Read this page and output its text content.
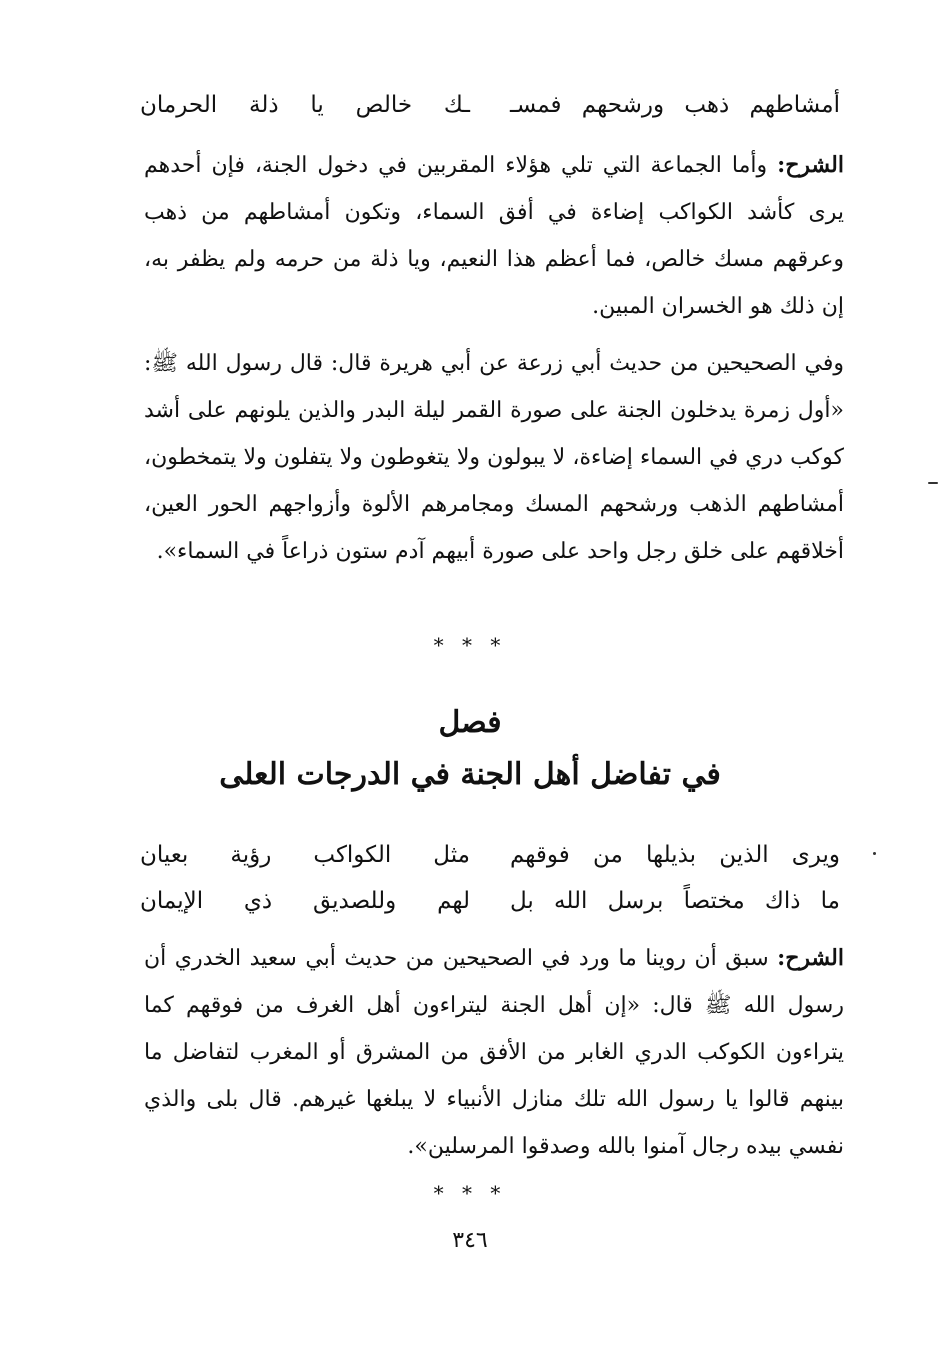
أمشاطهم ذهب ورشحهم فمسـ
ـك خالص يا ذلة الحرمان

الشرح: وأما الجماعة التي تلي هؤلاء المقربين في دخول الجنة، فإن أحدهم يرى كأشد الكواكب إضاءة في أفق السماء، وتكون أمشاطهم من ذهب وعرقهم مسك خالص، فما أعظم هذا النعيم، ويا ذلة من حرمه ولم يظفر به، إن ذلك هو الخسران المبين.

وفي الصحيحين من حديث أبي زرعة عن أبي هريرة قال: قال رسول الله ﷺ: «أول زمرة يدخلون الجنة على صورة القمر ليلة البدر والذين يلونهم على أشد كوكب دري في السماء إضاءة، لا يبولون ولا يتغوطون ولا يتفلون ولا يتمخطون، أمشاطهم الذهب ورشحهم المسك ومجامرهم الألوة وأزواجهم الحور العين، أخلاقهم على خلق رجل واحد على صورة أبيهم آدم ستون ذراعاً في السماء».

* * *
فصل
في تفاضل أهل الجنة في الدرجات العلى
ويرى الذين بذيلها من فوقهم
مثل الكواكب رؤية بعيان
ما ذاك مختصاً برسل الله بل
لهم وللصديق ذي الإيمان

الشرح: سبق أن روينا ما ورد في الصحيحين من حديث أبي سعيد الخدري أن رسول الله ﷺ قال: «إن أهل الجنة ليتراءون أهل الغرف من فوقهم كما يتراءون الكوكب الدري الغابر من الأفق من المشرق أو المغرب لتفاضل ما بينهم قالوا يا رسول الله تلك منازل الأنبياء لا يبلغها غيرهم. قال بلى والذي نفسي بيده رجال آمنوا بالله وصدقوا المرسلين».

* * *
٣٤٦
